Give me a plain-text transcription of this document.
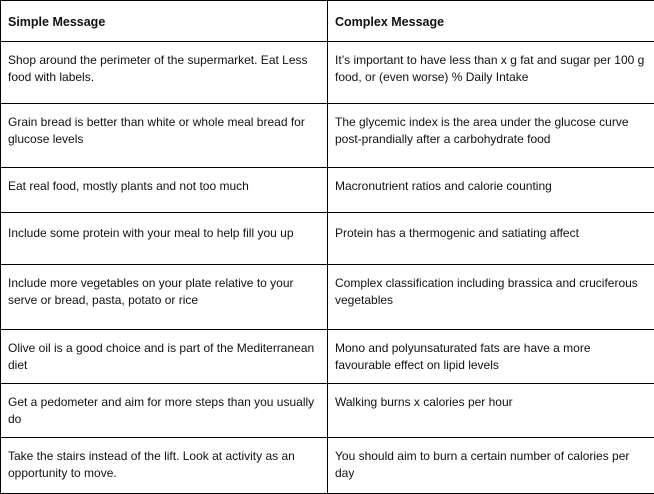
Simple Message	Complex Message
Shop around the perimeter of the supermarket. Eat Less food with labels.	It’s important to have less than x g fat and sugar per 100 g food, or (even worse) % Daily Intake
Grain bread is better than white or whole meal bread for glucose levels	The glycemic index is the area under the glucose curve post-prandially after a carbohydrate food
Eat real food, mostly plants and not too much	Macronutrient ratios and calorie counting
Include some protein with your meal to help fill you up	Protein has a thermogenic and satiating affect
Include more vegetables on your plate relative to your serve or bread, pasta, potato or rice	Complex classification including brassica and cruciferous vegetables
Olive oil is a good choice and is part of the Mediterranean diet	Mono and polyunsaturated fats are have a more favourable effect on lipid levels
Get a pedometer and aim for more steps than you usually do	Walking burns x calories per hour
Take the stairs instead of the lift. Look at activity as an opportunity to move.	You should aim to burn a certain number of calories per day
